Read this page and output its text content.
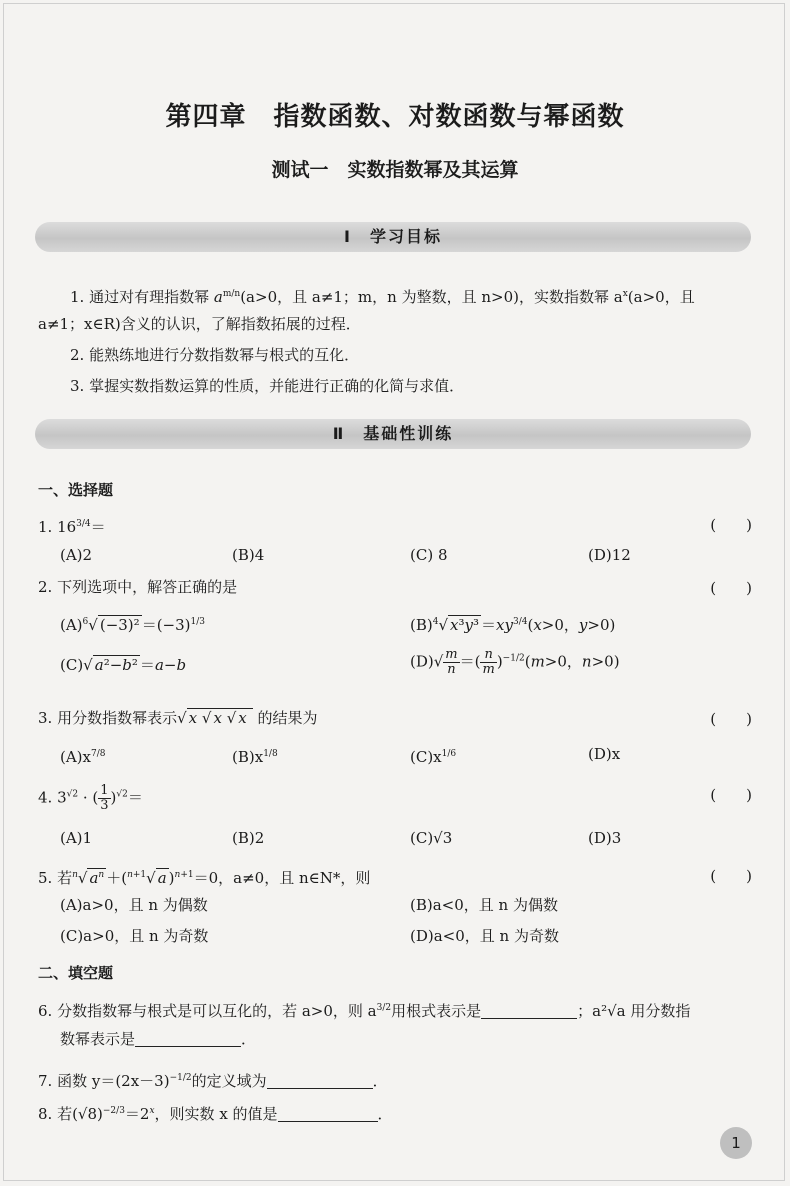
第四章　指数函数、对数函数与幂函数
测试一　实数指数幂及其运算
Ⅰ　学习目标
1. 通过对有理指数幂 $a^{m/n}(a>0$，且 a≠1；m，n 为整数，且 n>0)，实数指数幂 $a^x(a>0$，且
a≠1；x∈R)含义的认识，了解指数拓展的过程．
2. 能熟练地进行分数指数幂与根式的互化．
3. 掌握实数指数运算的性质，并能进行正确的化简与求值．
Ⅱ　基础性训练
一、选择题
1. $16^{3/4}=$	(　　)
(A)2	(B)4	(C) 8	(D)12
2. 下列选项中，解答正确的是	(　　)
$(A)^6√$ $(-3)^2 =(-3)^{1/3}$	$(B)^4√$ $x^3y^3 =xy^{3/4}(x>0$，y>0)
(C)√ a²−b² ＝a−b	$(D)√ \frac{m}{n}$ ＝( $\frac{n}{m} )^{-1/2}(m>0$，n>0)
3. 用分数指数幂表示√ x √ x √ x 的结果为	(　　)
$(A)x^{7/8}$	$(B)x^{1/8}$	$(C)x^{1/6}$	(D)x
4. $3^{√2}$ · ( $\frac{1}{3} )^{√2}=$	(　　)
(A)1	(B)2	(C)√3	(D)3
5. 若$^n$√ $a^n +(^{n+1}√$ a )$^{n+1}$＝0，a≠0，且 n∈N*，则	(　　)
(A)a>0，且 n 为偶数	(B)a<0，且 n 为偶数
(C)a>0，且 n 为奇数	(D)a<0，且 n 为奇数
二、填空题
6. 分数指数幂与根式是可以互化的，若 a>0，则 $a^{3/2}$用根式表示是	；a²√a 用分数指
数幂表示是	．
7. 函数 $y=(2x-3)^{-1/2}$的定义域为	．
8. 若$(√8)^{-2/3}=2^x$，则实数 x 的值是	．
1
